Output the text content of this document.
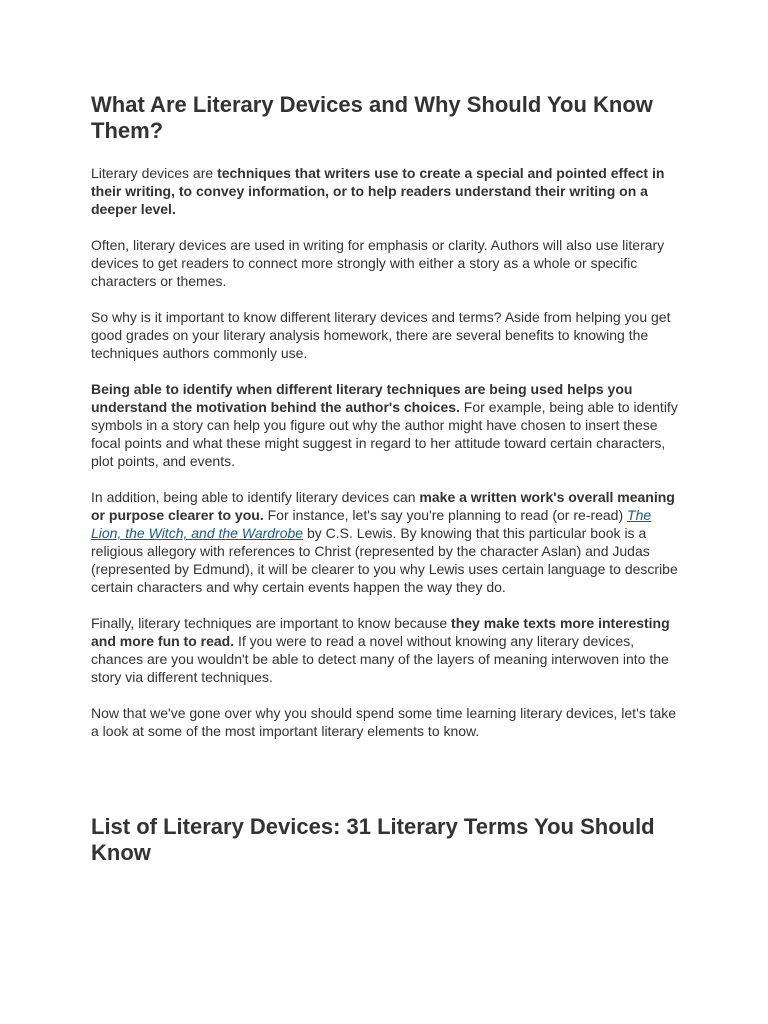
What Are Literary Devices and Why Should You Know Them?

Literary devices are techniques that writers use to create a special and pointed effect in their writing, to convey information, or to help readers understand their writing on a deeper level.

Often, literary devices are used in writing for emphasis or clarity. Authors will also use literary devices to get readers to connect more strongly with either a story as a whole or specific characters or themes.

So why is it important to know different literary devices and terms? Aside from helping you get good grades on your literary analysis homework, there are several benefits to knowing the techniques authors commonly use.

Being able to identify when different literary techniques are being used helps you understand the motivation behind the author's choices. For example, being able to identify symbols in a story can help you figure out why the author might have chosen to insert these focal points and what these might suggest in regard to her attitude toward certain characters, plot points, and events.

In addition, being able to identify literary devices can make a written work's overall meaning or purpose clearer to you. For instance, let's say you're planning to read (or re-read) The Lion, the Witch, and the Wardrobe by C.S. Lewis. By knowing that this particular book is a religious allegory with references to Christ (represented by the character Aslan) and Judas (represented by Edmund), it will be clearer to you why Lewis uses certain language to describe certain characters and why certain events happen the way they do.

Finally, literary techniques are important to know because they make texts more interesting and more fun to read. If you were to read a novel without knowing any literary devices, chances are you wouldn't be able to detect many of the layers of meaning interwoven into the story via different techniques.

Now that we've gone over why you should spend some time learning literary devices, let's take a look at some of the most important literary elements to know.

List of Literary Devices: 31 Literary Terms You Should Know
